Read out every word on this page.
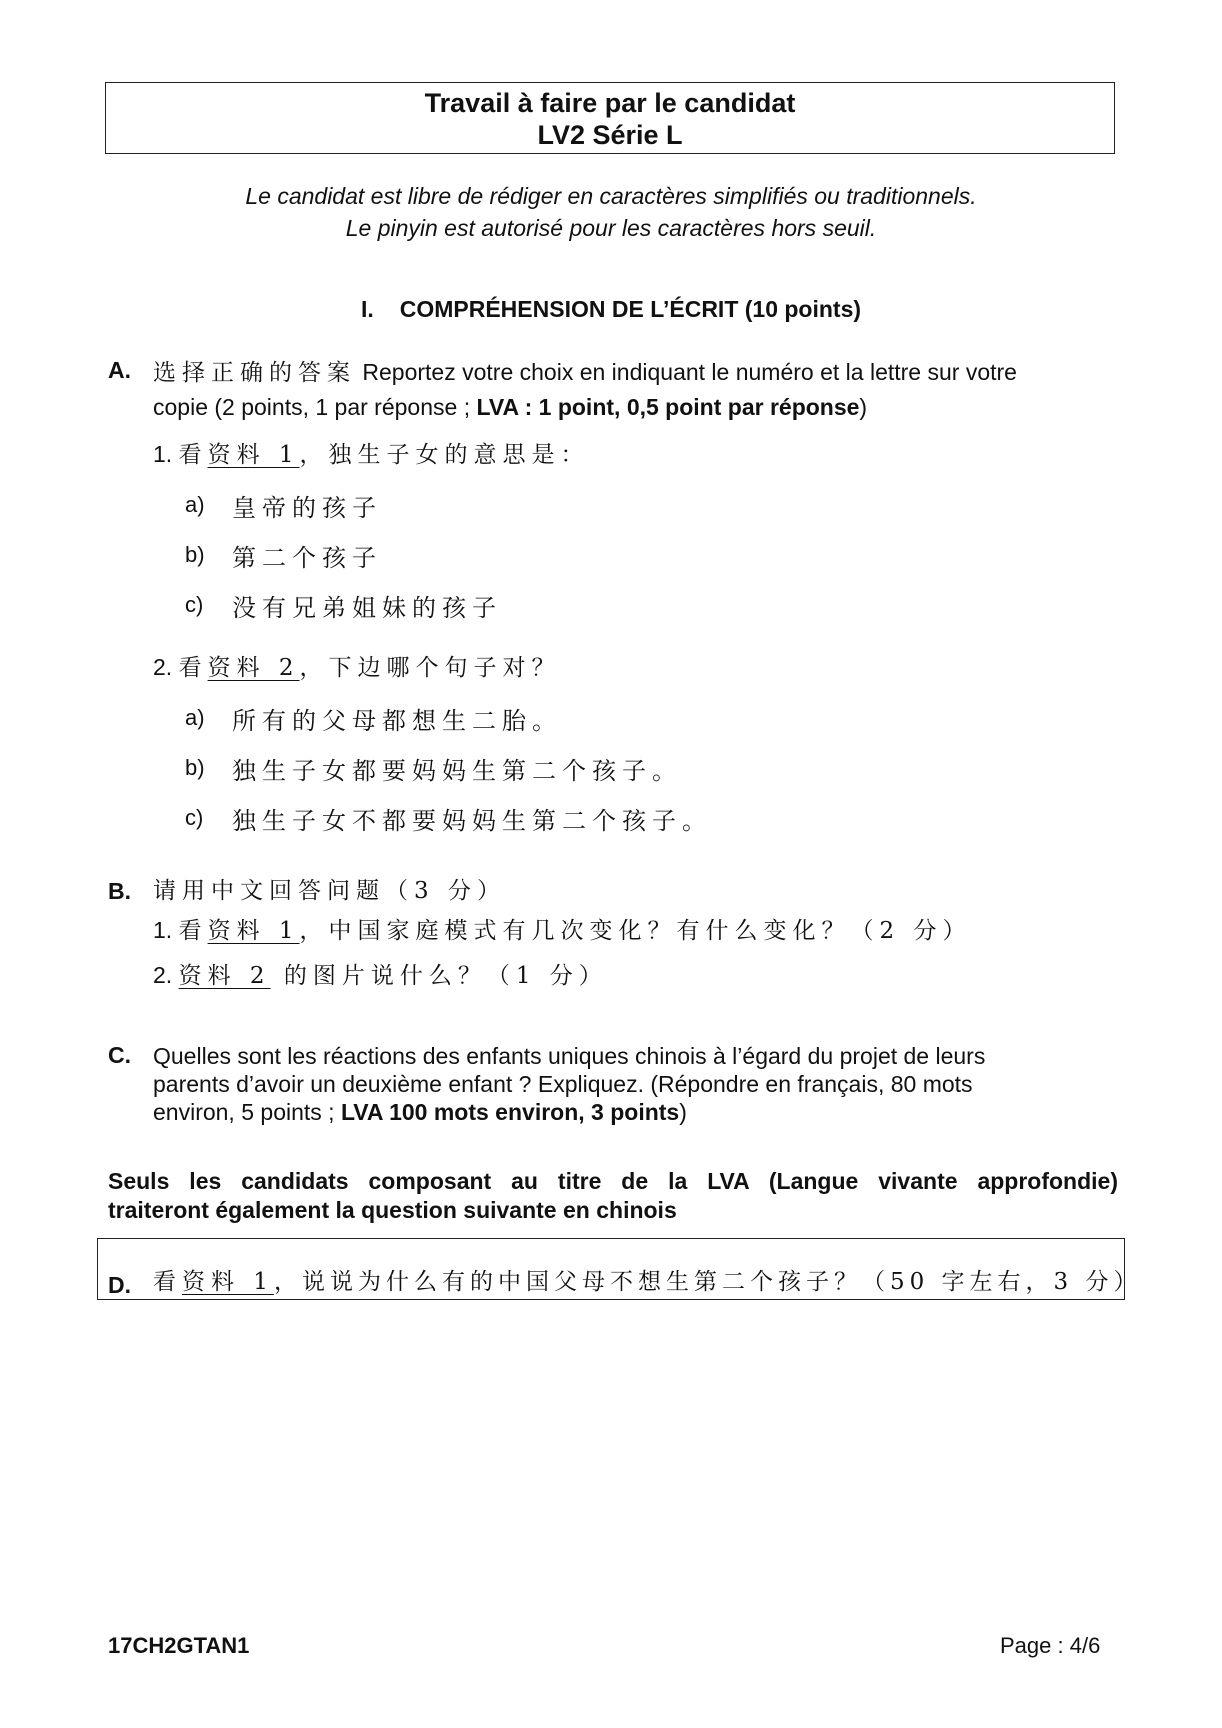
Travail à faire par le candidat
LV2 Série L
Le candidat est libre de rédiger en caractères simplifiés ou traditionnels.
Le pinyin est autorisé pour les caractères hors seuil.
I. COMPRÉHENSION DE L’ÉCRIT (10 points)
A. 选择正确的答案 Reportez votre choix en indiquant le numéro et la lettre sur votre
copie (2 points, 1 par réponse ; LVA : 1 point, 0,5 point par réponse)
1. 看资料 1，独生子女的意思是：
a) 皇帝的孩子
b) 第二个孩子
c) 没有兄弟姐妹的孩子
2. 看资料 2，下边哪个句子对？
a) 所有的父母都想生二胎。
b) 独生子女都要妈妈生第二个孩子。
c) 独生子女不都要妈妈生第二个孩子。
B. 请用中文回答问题（3 分）
1. 看资料 1，中国家庭模式有几次变化？有什么变化？（2 分）
2. 资料 2 的图片说什么？（1 分）
C. Quelles sont les réactions des enfants uniques chinois à l’égard du projet de leurs
parents d’avoir un deuxième enfant ? Expliquez. (Répondre en français, 80 mots
environ, 5 points ; LVA 100 mots environ, 3 points)
Seuls les candidats composant au titre de la LVA (Langue vivante approfondie)
traiteront également la question suivante en chinois
D. 看资料 1，说说为什么有的中国父母不想生第二个孩子？（50 字左右，3 分）
17CH2GTAN1	Page : 4/6
